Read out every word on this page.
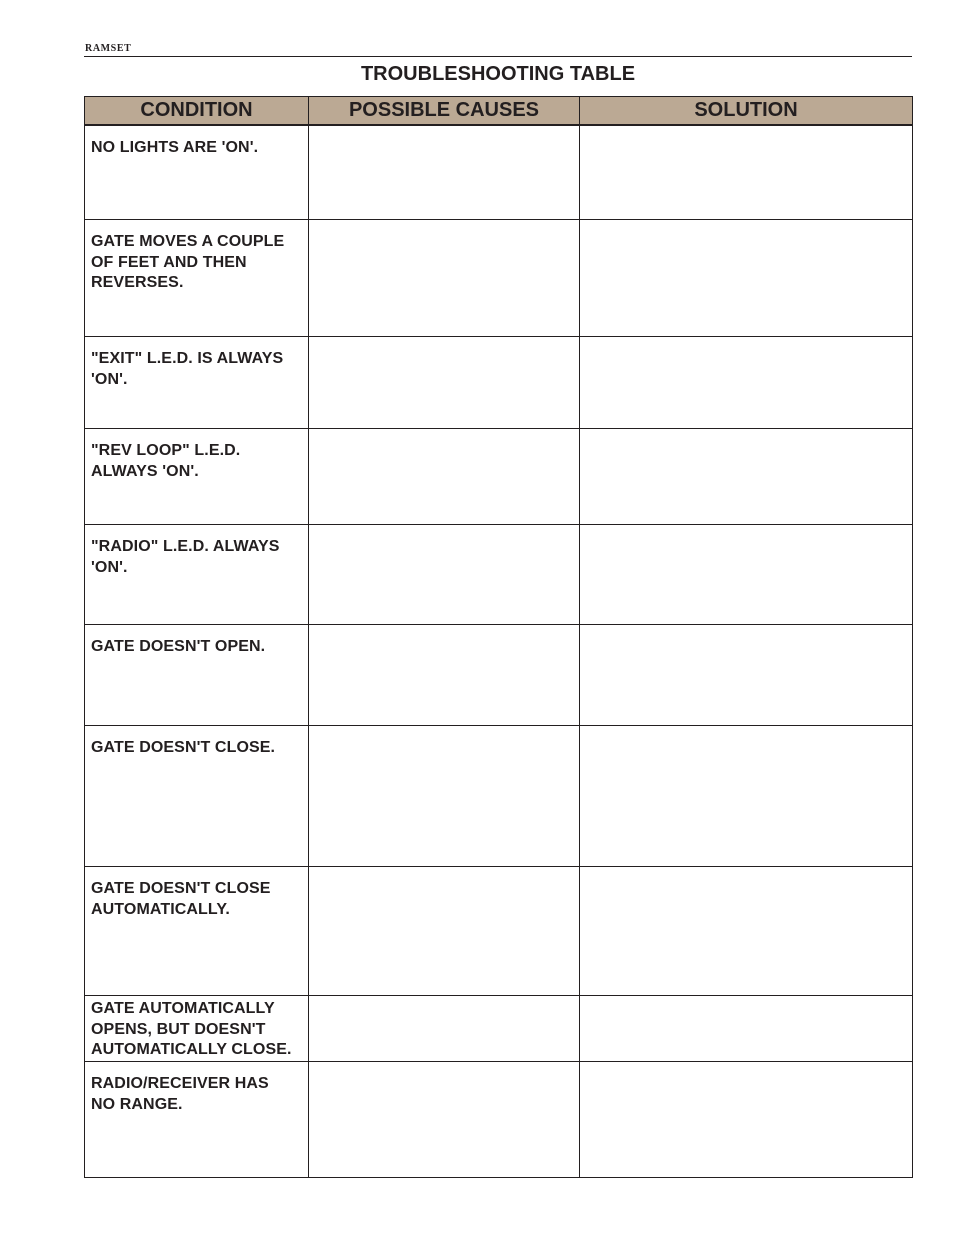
RAMSET
TROUBLESHOOTING TABLE
CONDITION	POSSIBLE CAUSES	SOLUTION

NO LIGHTS ARE 'ON'.		

GATE MOVES A COUPLE
OF FEET AND THEN
REVERSES.		

"EXIT" L.E.D. IS ALWAYS
'ON'.		

"REV LOOP" L.E.D.
ALWAYS 'ON'.		

"RADIO" L.E.D. ALWAYS
'ON'.		

GATE DOESN'T OPEN.		

GATE DOESN'T CLOSE.		

GATE DOESN'T CLOSE
AUTOMATICALLY.		

GATE AUTOMATICALLY
OPENS, BUT DOESN'T
AUTOMATICALLY CLOSE.		

RADIO/RECEIVER HAS
NO RANGE.		
